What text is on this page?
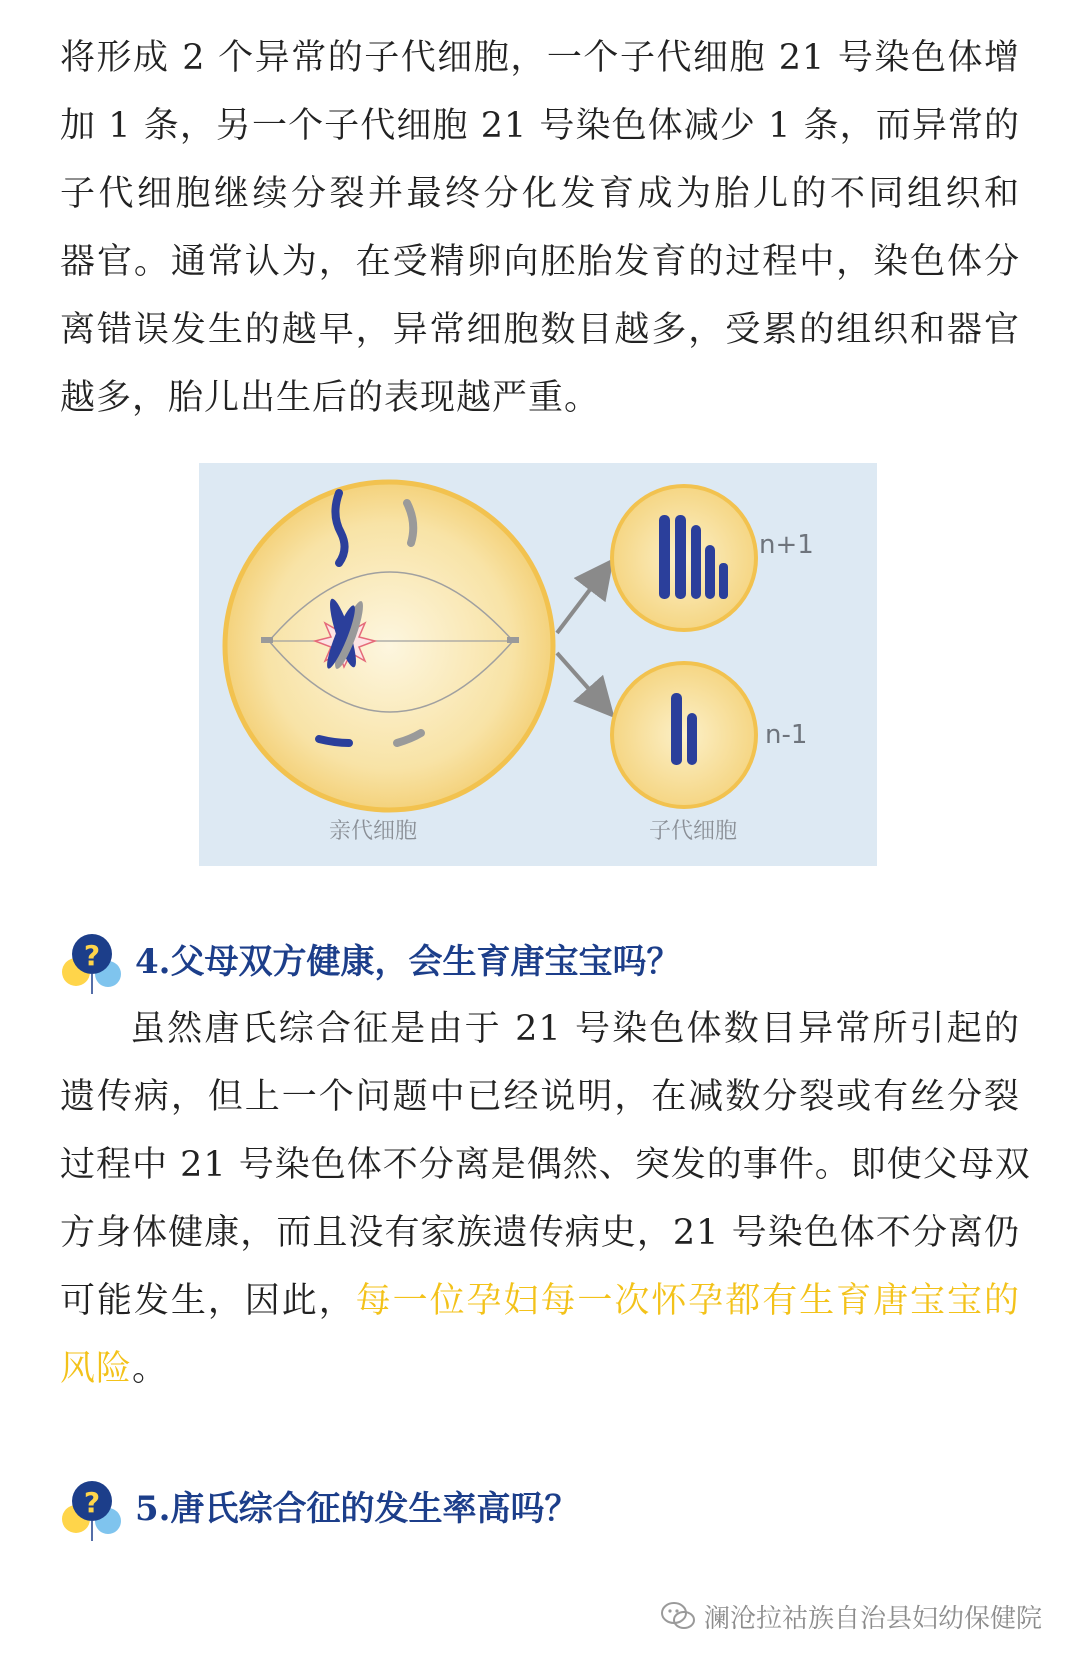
将形成 2 个异常的子代细胞，一个子代细胞 21 号染色体增
加 1 条，另一个子代细胞 21 号染色体减少 1 条，而异常的
子代细胞继续分裂并最终分化发育成为胎儿的不同组织和
器官。通常认为，在受精卵向胚胎发育的过程中，染色体分
离错误发生的越早，异常细胞数目越多，受累的组织和器官
越多，胎儿出生后的表现越严重。
n+1
n-1
亲代细胞	子代细胞
? 4.父母双方健康，会生育唐宝宝吗？
虽然唐氏综合征是由于 21 号染色体数目异常所引起的
遗传病，但上一个问题中已经说明，在减数分裂或有丝分裂
过程中 21 号染色体不分离是偶然、突发的事件。即使父母双
方身体健康，而且没有家族遗传病史，21 号染色体不分离仍
可能发生，因此，每一位孕妇每一次怀孕都有生育唐宝宝的
风险。
? 5.唐氏综合征的发生率高吗？
澜沧拉祜族自治县妇幼保健院
